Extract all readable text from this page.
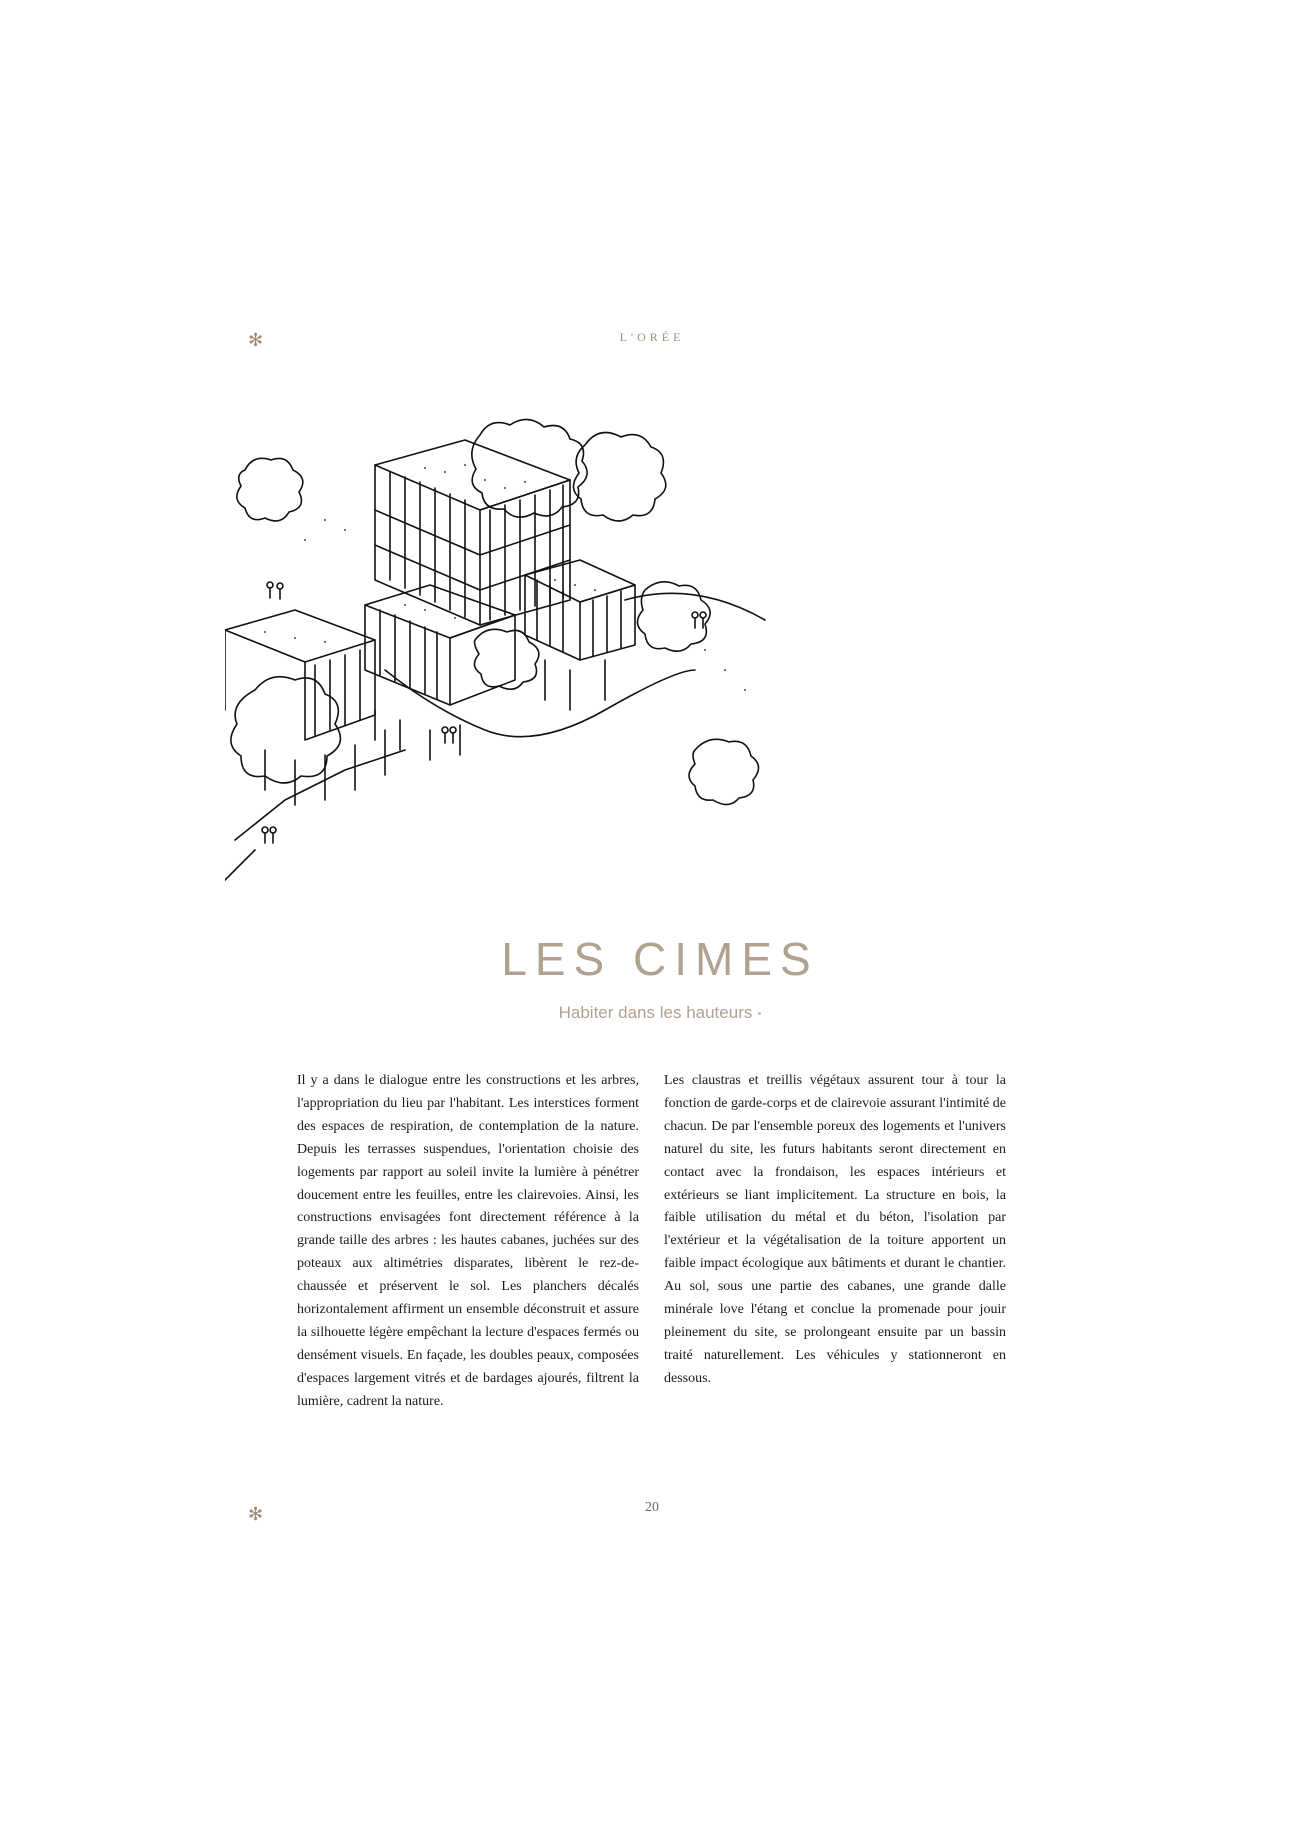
✻	L'ORÉE
LES CIMES
Habiter dans les hauteurs
Il y a dans le dialogue entre les constructions et les arbres, l'appropriation du lieu par l'habitant. Les interstices forment des espaces de respiration, de contemplation de la nature. Depuis les terrasses suspendues, l'orientation choisie des logements par rapport au soleil invite la lumière à pénétrer doucement entre les feuilles, entre les clairevoies. Ainsi, les constructions envisagées font directement référence à la grande taille des arbres : les hautes cabanes, juchées sur des poteaux aux altimétries disparates, libèrent le rez-de-chaussée et préservent le sol. Les planchers décalés horizontalement affirment un ensemble déconstruit et assure la silhouette légère empêchant la lecture d'espaces fermés ou densément visuels. En façade, les doubles peaux, composées d'espaces largement vitrés et de bardages ajourés, filtrent la lumière, cadrent la nature.
Les claustras et treillis végétaux assurent tour à tour la fonction de garde-corps et de clairevoie assurant l'intimité de chacun. De par l'ensemble poreux des logements et l'univers naturel du site, les futurs habitants seront directement en contact avec la frondaison, les espaces intérieurs et extérieurs se liant implicitement. La structure en bois, la faible utilisation du métal et du béton, l'isolation par l'extérieur et la végétalisation de la toiture apportent un faible impact écologique aux bâtiments et durant le chantier. Au sol, sous une partie des cabanes, une grande dalle minérale love l'étang et conclue la promenade pour jouir pleinement du site, se prolongeant ensuite par un bassin traité naturellement. Les véhicules y stationneront en dessous.
✻	20
